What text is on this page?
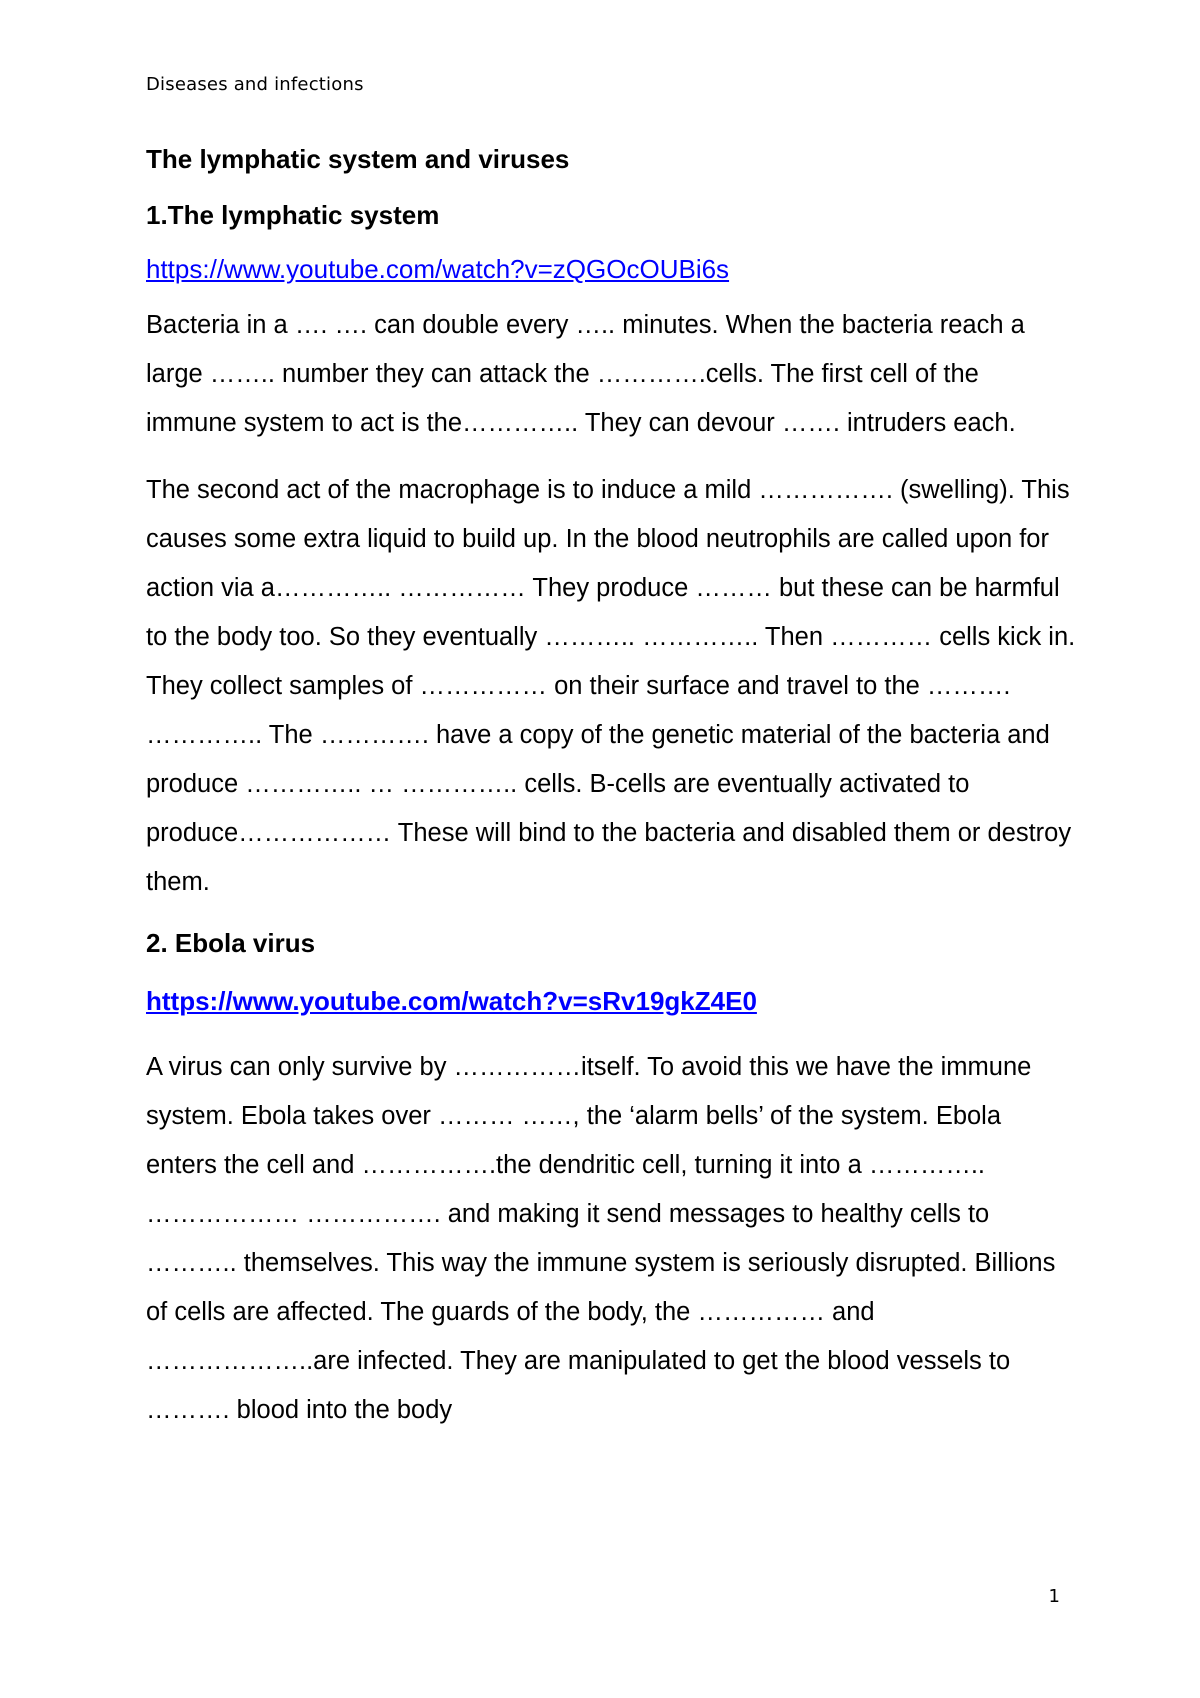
Diseases and infections
The lymphatic system and viruses
1.The lymphatic system
https://www.youtube.com/watch?v=zQGOcOUBi6s

Bacteria in a …. …. can double every ….. minutes. When the bacteria reach a large …….. number they can attack the ………….cells. The first cell of the immune system to act is the………….. They can devour ……. intruders each.

The second act of the macrophage is to induce a mild ……………. (swelling). This causes some extra liquid to build up. In the blood neutrophils are called upon for action via a………….. …………… They produce ……… but these can be harmful to the body too. So they eventually ……….. ………….. Then ………… cells kick in. They collect samples of …………… on their surface and travel to the ………. ………….. The …………. have a copy of the genetic material of the bacteria and produce ………….. … ………….. cells. B-cells are eventually activated to produce……………… These will bind to the bacteria and disabled them or destroy them.

2. Ebola virus
https://www.youtube.com/watch?v=sRv19gkZ4E0

A virus can only survive by ……………itself. To avoid this we have the immune system. Ebola takes over ……… ……, the ‘alarm bells’ of the system. Ebola enters the cell and …………….the dendritic cell, turning it into a ………….. ……………… ……………. and making it send messages to healthy cells to ……….. themselves. This way the immune system is seriously disrupted. Billions of cells are affected. The guards of the body, the …………… and ………………..are infected. They are manipulated to get the blood vessels to ………. blood into the body

1
